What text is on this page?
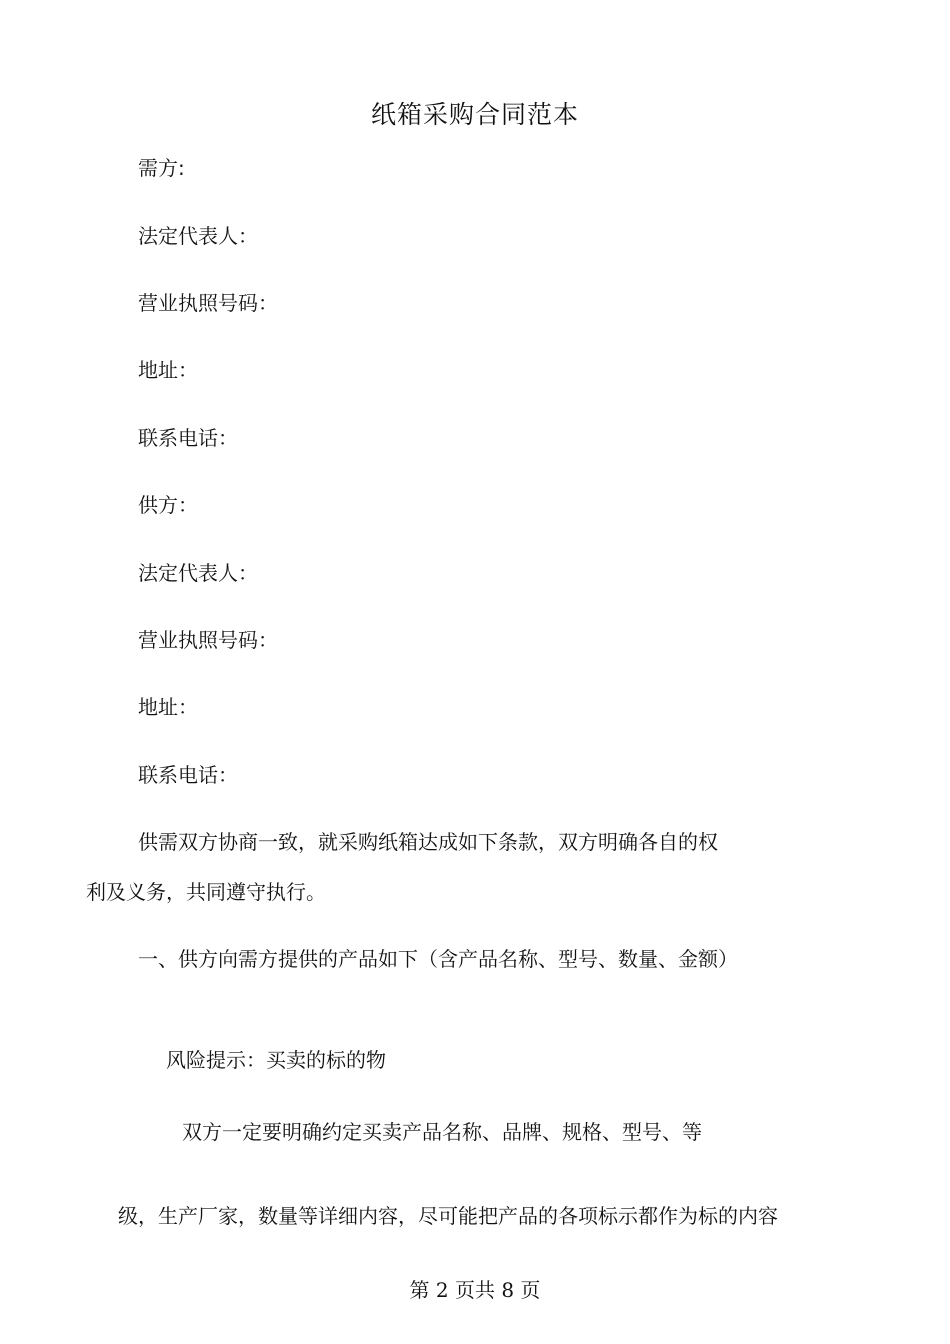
纸箱采购合同范本
需方:
法定代表人：
营业执照号码：
地址：
联系电话：
供方：
法定代表人：
营业执照号码：
地址：
联系电话：
供需双方协商一致，就采购纸箱达成如下条款，双方明确各自的权
利及义务，共同遵守执行。
一、供方向需方提供的产品如下（含产品名称、型号、数量、金额）
风险提示：买卖的标的物
双方一定要明确约定买卖产品名称、品牌、规格、型号、等
级，生产厂家，数量等详细内容，尽可能把产品的各项标示都作为标的内容
第 2 页共 8 页
